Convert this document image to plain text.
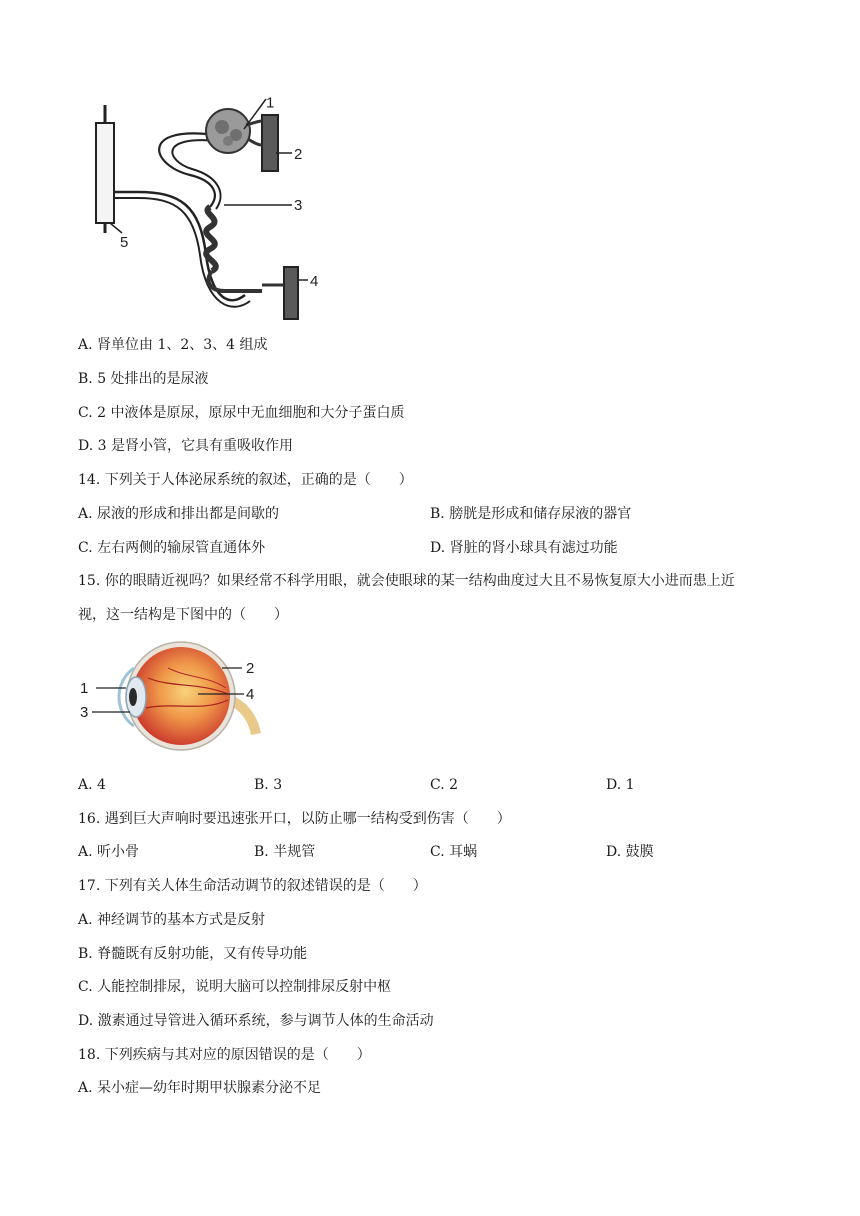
1
2
3
4
5
A. 肾单位由 1、2、3、4 组成
B. 5 处排出的是尿液
C. 2 中液体是原尿，原尿中无血细胞和大分子蛋白质
D. 3 是肾小管，它具有重吸收作用
14. 下列关于人体泌尿系统的叙述，正确的是（　　）
A. 尿液的形成和排出都是间歇的	B. 膀胱是形成和储存尿液的器官
C. 左右两侧的输尿管直通体外	D. 肾脏的肾小球具有滤过功能
15. 你的眼睛近视吗？如果经常不科学用眼，就会使眼球的某一结构曲度过大且不易恢复原大小进而患上近
视，这一结构是下图中的（　　）
1
2
3
4
A. 4	B. 3	C. 2	D. 1
16. 遇到巨大声响时要迅速张开口，以防止哪一结构受到伤害（　　）
A. 听小骨	B. 半规管	C. 耳蜗	D. 鼓膜
17. 下列有关人体生命活动调节的叙述错误的是（　　）
A. 神经调节的基本方式是反射
B. 脊髓既有反射功能，又有传导功能
C. 人能控制排尿，说明大脑可以控制排尿反射中枢
D. 激素通过导管进入循环系统，参与调节人体的生命活动
18. 下列疾病与其对应的原因错误的是（　　）
A. 呆小症—幼年时期甲状腺素分泌不足
